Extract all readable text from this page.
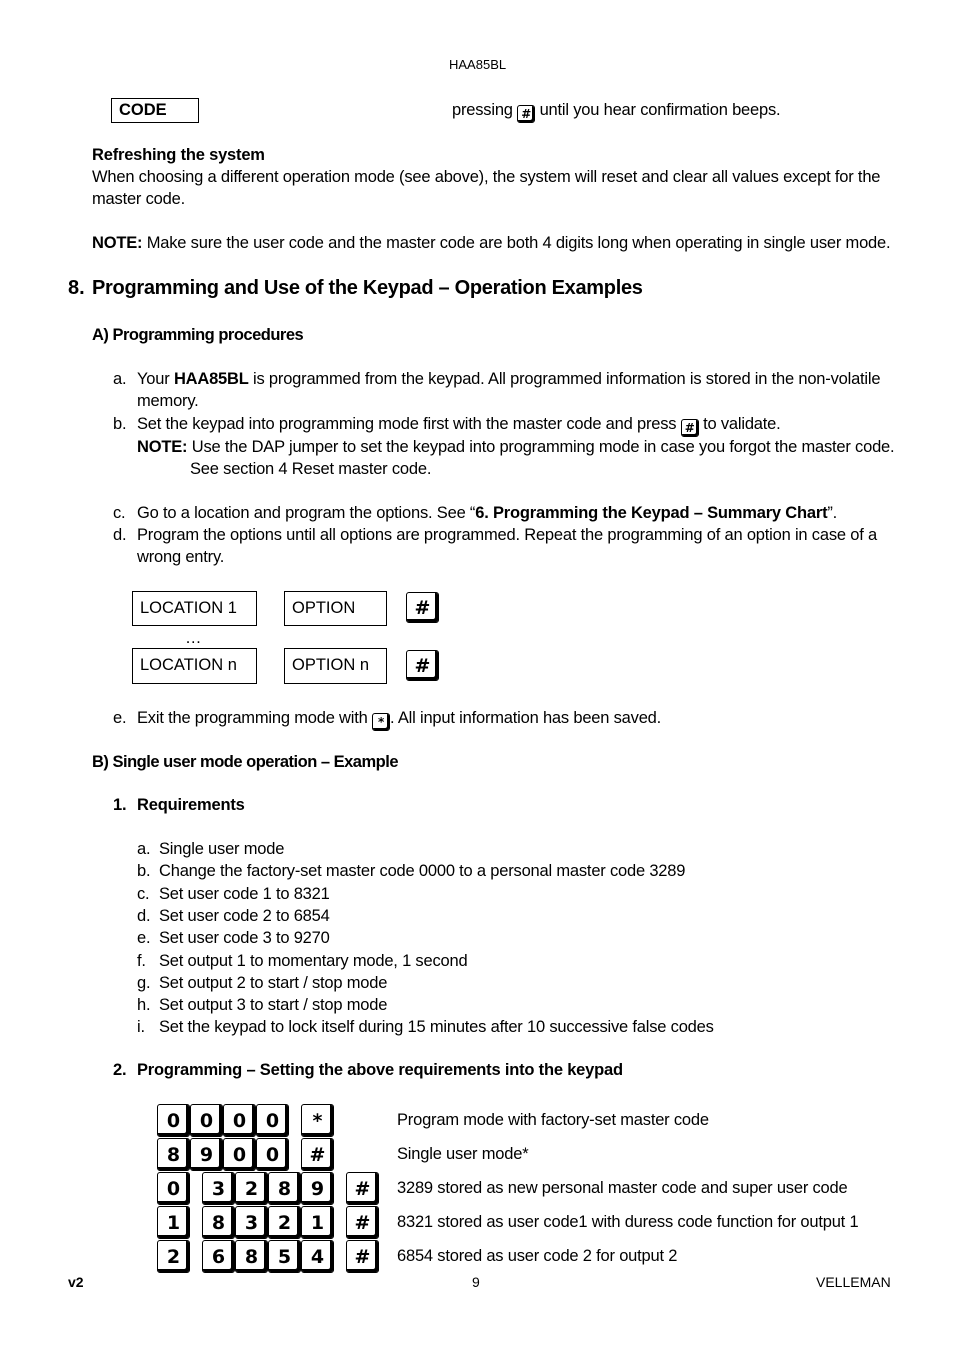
HAA85BL
CODE	pressing # until you hear confirmation beeps.
Refreshing the system
When choosing a different operation mode (see above), the system will reset and clear all values except for the
master code.
NOTE: Make sure the user code and the master code are both 4 digits long when operating in single user mode.
8. Programming and Use of the Keypad – Operation Examples
A) Programming procedures
a. Your HAA85BL is programmed from the keypad. All programmed information is stored in the non-volatile
memory.
b. Set the keypad into programming mode first with the master code and press # to validate.
NOTE: Use the DAP jumper to set the keypad into programming mode in case you forgot the master code.
See section 4 Reset master code.
c. Go to a location and program the options. See “6. Programming the Keypad – Summary Chart”.
d. Program the options until all options are programmed. Repeat the programming of an option in case of a
wrong entry.
LOCATION 1	OPTION	#
…
LOCATION n	OPTION n	#
e. Exit the programming mode with * . All input information has been saved.
B) Single user mode operation – Example
1. Requirements
a. Single user mode
b. Change the factory-set master code 0000 to a personal master code 3289
c. Set user code 1 to 8321
d. Set user code 2 to 6854
e. Set user code 3 to 9270
f. Set output 1 to momentary mode, 1 second
g. Set output 2 to start / stop mode
h. Set output 3 to start / stop mode
i. Set the keypad to lock itself during 15 minutes after 10 successive false codes
2. Programming – Setting the above requirements into the keypad
0	0	0	0	*	Program mode with factory-set master code
8	9	0	0	#	Single user mode*
0	3	2	8	9	#	3289 stored as new personal master code and super user code
1	8	3	2	1	#	8321 stored as user code1 with duress code function for output 1
2	6	8	5	4	#	6854 stored as user code 2 for output 2
v2	9	VELLEMAN
